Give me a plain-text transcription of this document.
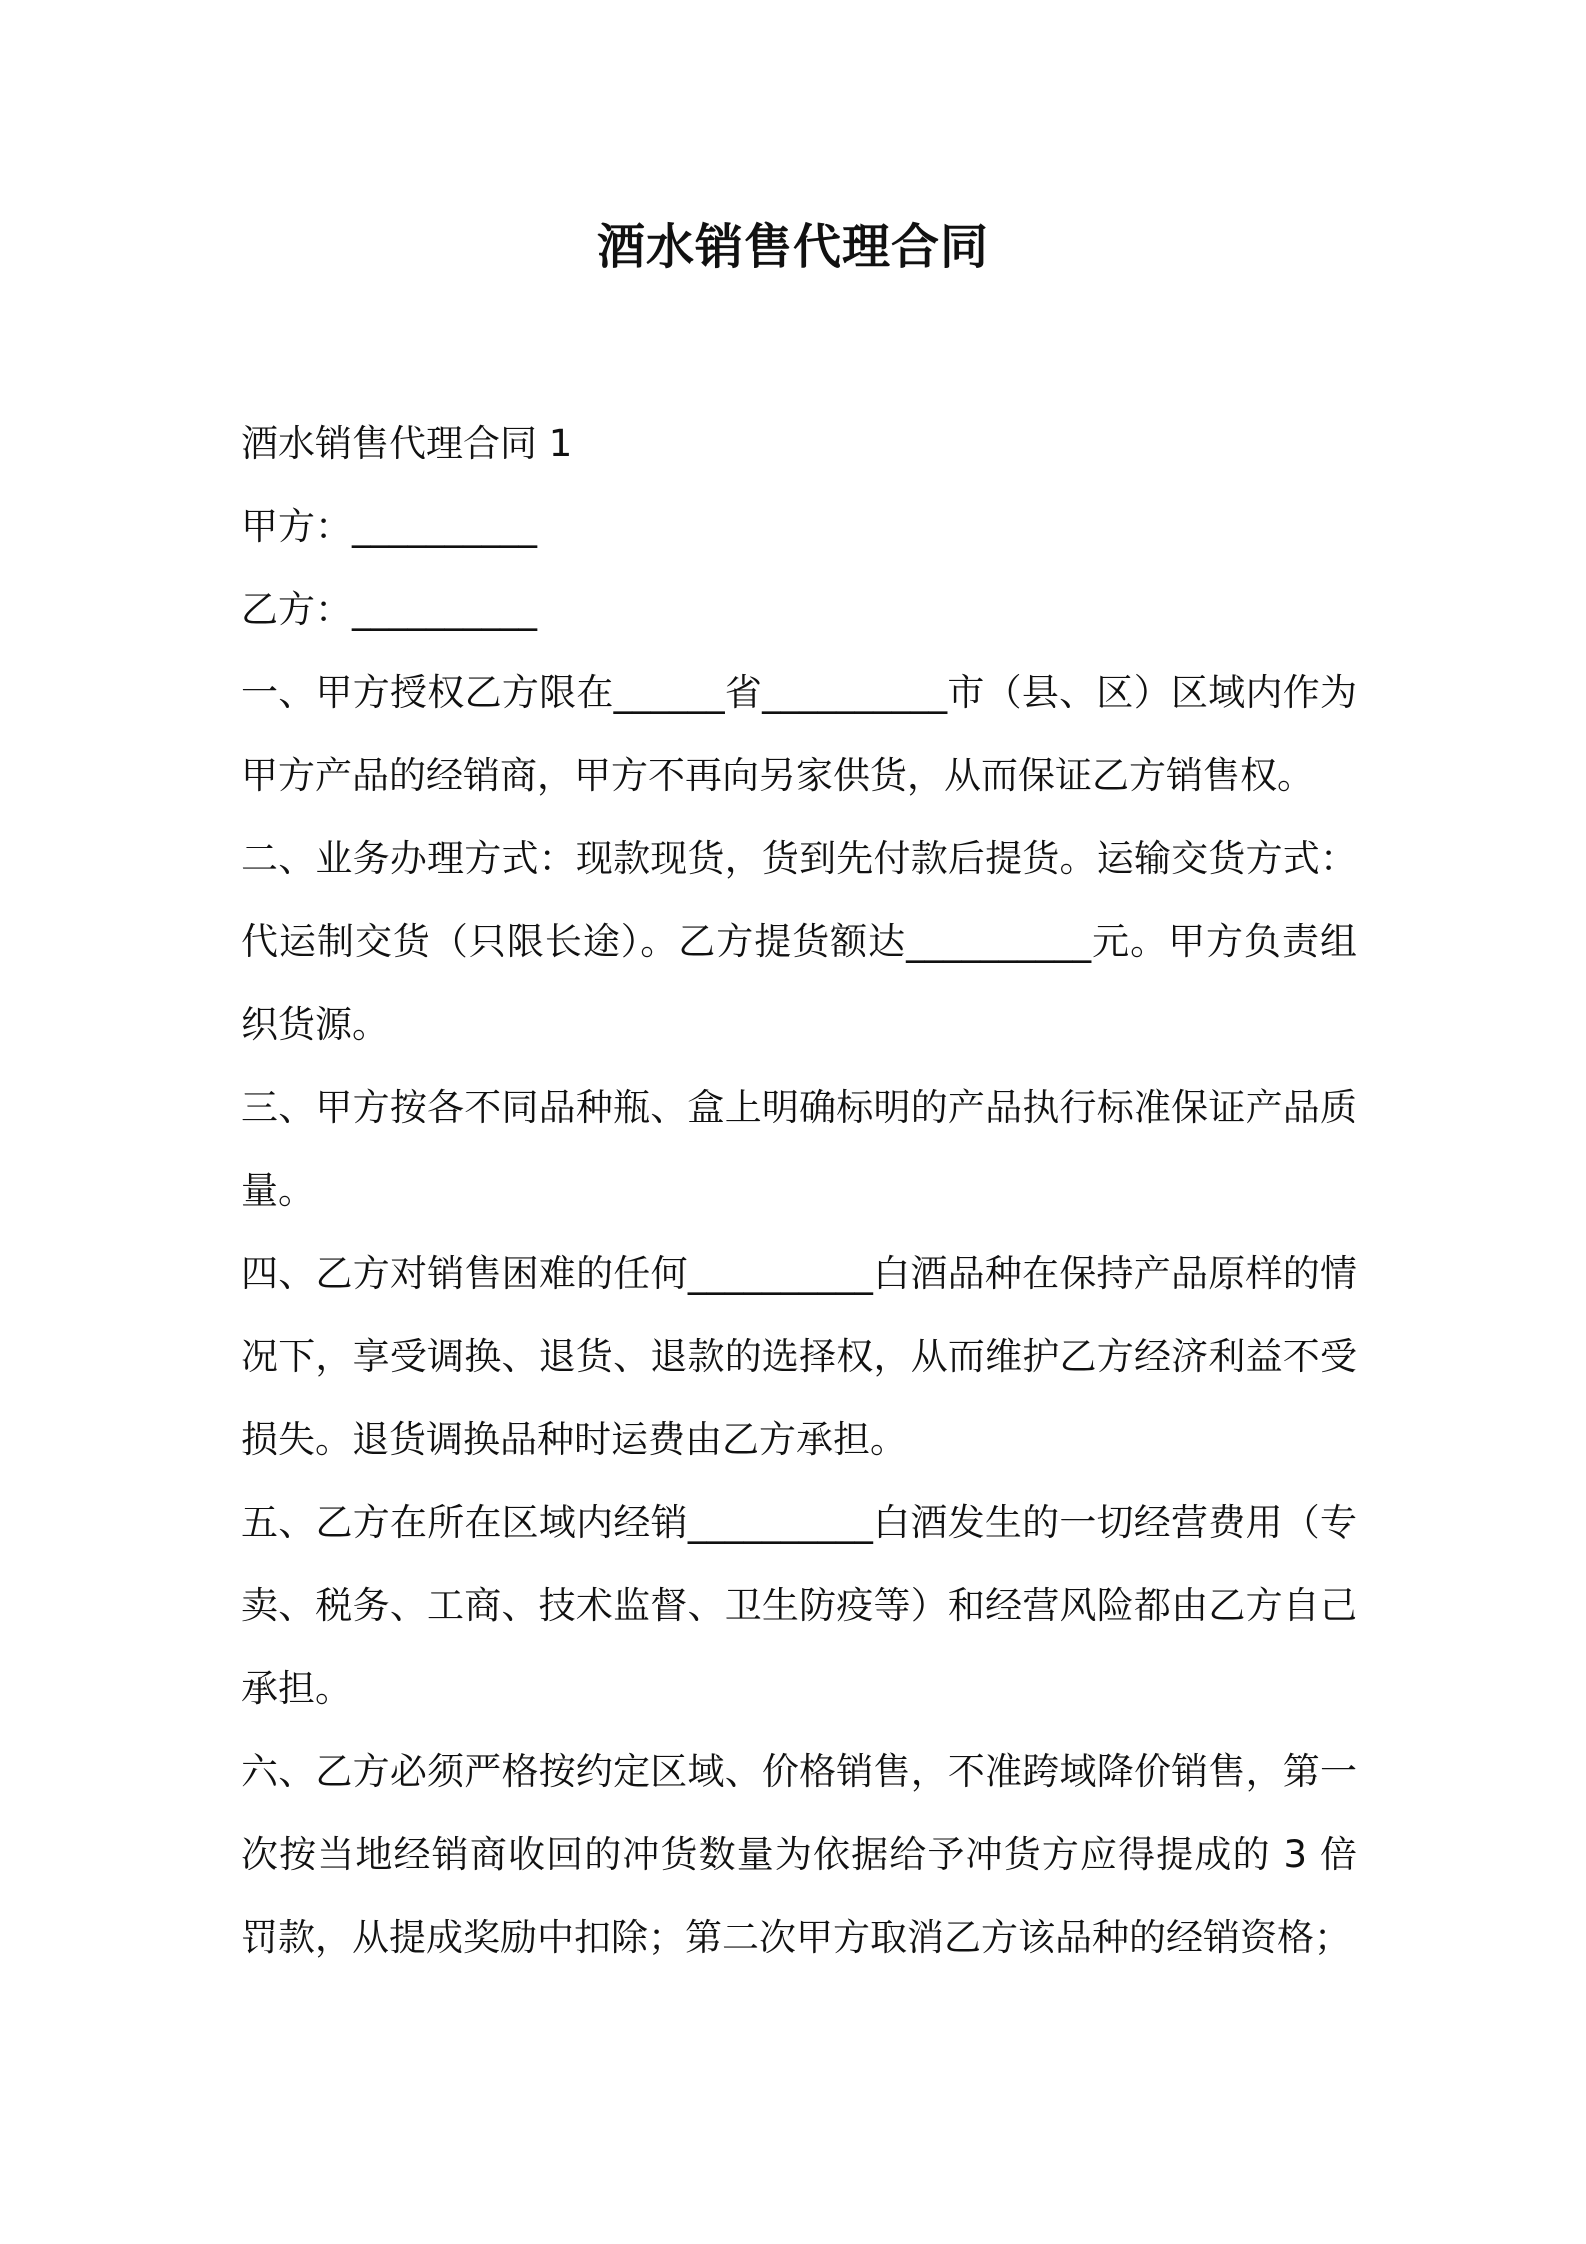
酒水销售代理合同

酒水销售代理合同 1

甲方：__________

乙方：__________

一、甲方授权乙方限在______省__________市（县、区）区域内作为甲方产品的经销商，甲方不再向另家供货，从而保证乙方销售权。

二、业务办理方式：现款现货，货到先付款后提货。运输交货方式：代运制交货（只限长途）。乙方提货额达__________元。甲方负责组织货源。

三、甲方按各不同品种瓶、盒上明确标明的产品执行标准保证产品质量。

四、乙方对销售困难的任何__________白酒品种在保持产品原样的情况下，享受调换、退货、退款的选择权，从而维护乙方经济利益不受损失。退货调换品种时运费由乙方承担。

五、乙方在所在区域内经销__________白酒发生的一切经营费用（专卖、税务、工商、技术监督、卫生防疫等）和经营风险都由乙方自己承担。

六、乙方必须严格按约定区域、价格销售，不准跨域降价销售，第一次按当地经销商收回的冲货数量为依据给予冲货方应得提成的 3 倍罚款，从提成奖励中扣除；第二次甲方取消乙方该品种的经销资格；
